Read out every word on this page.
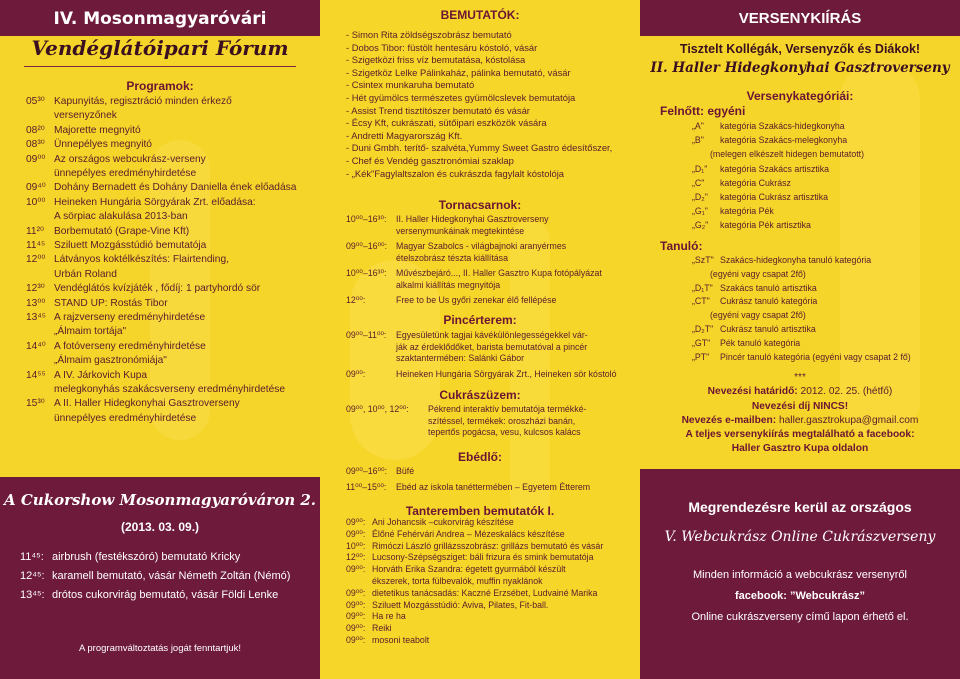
IV. Mosonmagyaróvári
Vendéglátóipari Fórum
Programok:
05³⁰ Kapunyitás, regisztráció minden érkező
versenyzőnek
08²⁰ Majorette megnyitó
08³⁰ Ünnepélyes megnyitó
09⁰⁰ Az országos webcukrász-verseny
ünnepélyes eredményhirdetése
09⁴⁰ Dohány Bernadett és Dohány Daniella ének előadása
10⁰⁰ Heineken Hungária Sörgyárak Zrt. előadása:
A sörpiac alakulása 2013-ban
11²⁰ Borbemutató (Grape-Vine Kft)
11⁴⁵ Sziluett Mozgásstúdió bemutatója
12⁰⁰ Látványos koktélkészítés: Flairtending,
Urbán Roland
12³⁰ Vendéglátós kvízjáték , fődíj: 1 partyhordó sör
13⁰⁰ STAND UP: Rostás Tibor
13⁴⁵ A rajzverseny eredményhirdetése
„Álmaim tortája"
14⁴⁰ A fotóverseny eredményhirdetése
„Álmaim gasztronómiája"
14⁵⁵ A IV. Járkovich Kupa
melegkonyhás szakácsverseny eredményhirdetése
15³⁰ A II. Haller Hidegkonyhai Gasztroverseny
ünnepélyes eredményhirdetése
A Cukorshow Mosonmagyaróváron 2.
(2013. 03. 09.)
11⁴⁵: airbrush (festékszóró) bemutató Kricky
12⁴⁵: karamell bemutató, vásár Németh Zoltán (Némó)
13⁴⁵: drótos cukorvirág bemutató, vásár Földi Lenke
A programváltoztatás jogát fenntartjuk!
BEMUTATÓK:
- Simon Rita zöldségszobrász bemutató
- Dobos Tibor: füstölt hentesáru kóstoló, vásár
- Szigetközi friss víz bemutatása, kóstolása
- Szigetköz Lelke Pálinkaház, pálinka bemutató, vásár
- Csintex munkaruha bemutató
- Hét gyümölcs természetes gyümölcslevek bemutatója
- Assist Trend tisztítószer bemutató és vásár
- Écsy Kft, cukrászati, sütőipari eszközök vására
- Andretti Magyarország Kft.
- Duni Gmbh. terítő- szalvéta,Yummy Sweet Gastro édesítőszer,
- Chef és Vendég gasztronómiai szaklap
- „Kék"Fagylaltszalon és cukrászda fagylalt kóstolója
Tornacsarnok:
10⁰⁰–16³⁰: II. Haller Hidegkonyhai Gasztroverseny
versenymunkáinak megtekintése
09⁰⁰–16⁰⁰: Magyar Szabolcs - világbajnoki aranyérmes
ételszobrász tészta kiállítása
10⁰⁰–16³⁰: Művészbejáró..., II. Haller Gasztro Kupa fotópályázat
alkalmi kiállítás megnyitója
12⁰⁰:	Free to be Us győri zenekar élő fellépése
Pincérterem:
09⁰⁰–11⁰⁰: Egyesületünk tagjai kávékülönlegességekkel vár-
ják az érdeklődőket, barista bemutatóval a pincér
szaktantermében: Salánki Gábor
09⁰⁰:	Heineken Hungária Sörgyárak Zrt., Heineken sör kóstoló
Cukrászüzem:
09⁰⁰, 10⁰⁰, 12⁰⁰: Pékrend interaktív bemutatója termékké-
szítéssel, termékek: oroszházi banán,
tepertős pogácsa, vesu, kulcsos kalács
Ebédlő:
09⁰⁰–16⁰⁰: Büfé
11⁰⁰–15⁰⁰: Ebéd az iskola tanéttermében – Egyetem Étterem
Tanteremben bemutatók I.
09⁰⁰: Ani Johancsik –cukorvirág készítése
09⁰⁰: Élőné Fehérvári Andrea – Mézeskalács készítése
10⁰⁰: Rimóczi László grillázsszobrász: grillázs bemutató és vásár
12⁰⁰: Lucsony-Szépségsziget: báli frizura és smink bemutatója
09⁰⁰: Horváth Erika Szandra: égetett gyurmából készült
ékszerek, torta fülbevalók, muffin nyaklánok
09⁰⁰: dietetikus tanácsadás: Kaczné Erzsébet, Ludvainé Marika
09⁰⁰: Sziluett Mozgásstúdió: Aviva, Pilates, Fit-ball.
09⁰⁰: Ha re ha
09⁰⁰: Reiki
09⁰⁰: mosoni teabolt
VERSENYKIÍRÁS
Tisztelt Kollégák, Versenyzők és Diákok!
II. Haller Hidegkonyhai Gasztroverseny
Versenykategóriái:
Felnőtt: egyéni
„A" kategória Szakács-hidegkonyha
„B" kategória Szakács-melegkonyha
(melegen elkészelt hidegen bemutatott)
„D₁" kategória Szakács artisztika
„C" kategória Cukrász
„D₂" kategória Cukrász artisztika
„G₁" kategória Pék
„G₂" kategória Pék artisztika
Tanuló:
„SzT" Szakács-hidegkonyha tanuló kategória
(egyéni vagy csapat 2fő)
„D₁T" Szakács tanuló artisztika
„CT" Cukrász tanuló kategória
(egyéni vagy csapat 2fő)
„D₂T" Cukrász tanuló artisztika
„GT" Pék tanuló kategória
„PT" Pincér tanuló kategória (egyéni vagy csapat 2 fő)
***
Nevezési határidő: 2012. 02. 25. (hétfő)
Nevezési díj NINCS!
Nevezés e-mailben: haller.gasztrokupa@gmail.com
A teljes versenykiírás megtalálható a facebook:
Haller Gasztro Kupa oldalon
Megrendezésre kerül az országos
V. Webcukrász Online Cukrászverseny
Minden információ a webcukrász versenyről
facebook: ”Webcukrász”
Online cukrászverseny című lapon érhető el.
